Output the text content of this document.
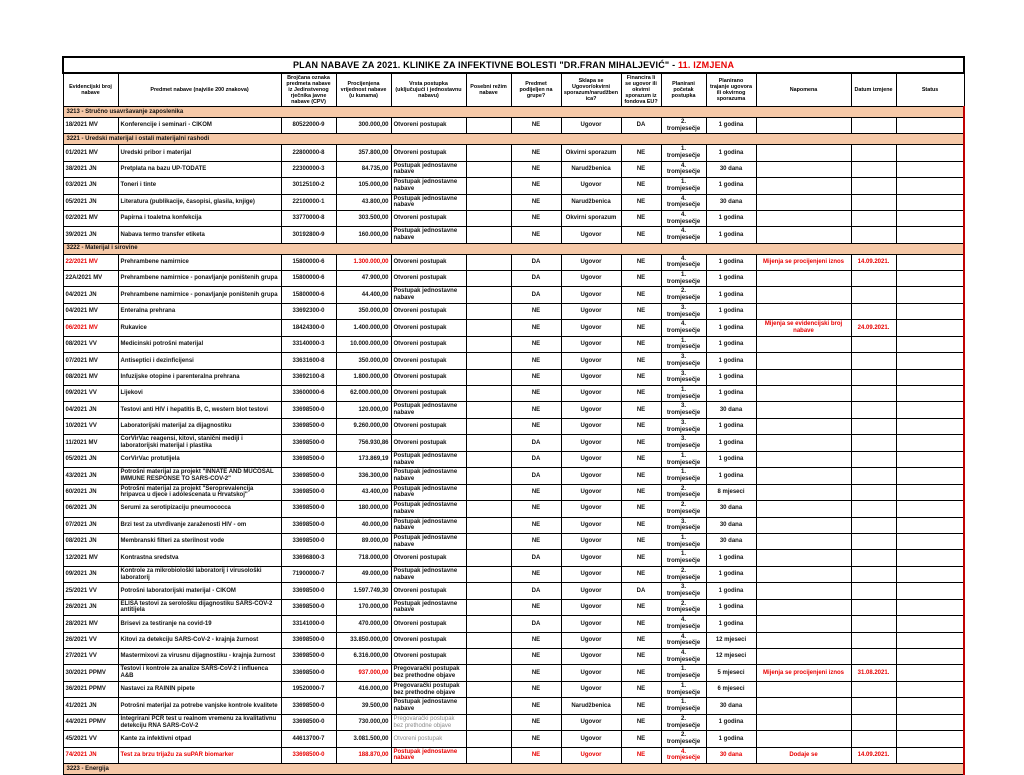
PLAN NABAVE ZA 2021. KLINIKE ZA INFEKTIVNE BOLESTI "DR.FRAN MIHALJEVIĆ" - 11. IZMJENA													
Evidencijski broj nabave	Predmet nabave (najviše 200 znakova)	Brojčana oznaka predmeta nabave iz Jedinstvenog rječnika javne nabave (CPV)	Procijenjena vrijednost nabave (u kunama)	Vrsta postupka (uključujući i jednostavnu nabavu)	Posebni režim nabave	Predmet podijeljen na grupe?	Sklapa se Ugovor/okvirni sporazum/narudžbenica?	Financira li se ugovor ili okvirni sporazum iz fondova EU?	Planirani početak postupka	Planirano trajanje ugovora ili okvirnog sporazuma	Napomena	Datum izmjene	Status
3213 - Stručno usavršavanje zaposlenika													
18/2021 MV	Konferencije i seminari - CIKOM	80522000-9	300.000,00	Otvoreni postupak		NE	Ugovor	DA	2. tromjesečje	1 godina			
3221 - Uredski materijal i ostali materijalni rashodi													
01/2021 MV	Uredski pribor i materijal	22800000-8	357.800,00	Otvoreni postupak		NE	Okvirni sporazum	NE	1. tromjesečje	1 godina			
38/2021 JN	Pretplata na bazu UP-TODATE	22300000-3	84.735,00	Postupak jednostavne nabave		NE	Narudžbenica	NE	4. tromjesečje	30 dana			
03/2021 JN	Toneri i tinte	30125100-2	105.000,00	Postupak jednostavne nabave		NE	Ugovor	NE	1. tromjesečje	1 godina			
05/2021 JN	Literatura (publikacije, časopisi, glasila, knjige)	22100000-1	43.800,00	Postupak jednostavne nabave		NE	Narudžbenica	NE	4. tromjesečje	30 dana			
02/2021 MV	Papirna i toaletna konfekcija	33770000-8	303.500,00	Otvoreni postupak		NE	Okvirni sporazum	NE	4. tromjesečje	1 godina			
39/2021 JN	Nabava termo transfer etiketa	30192800-9	160.000,00	Postupak jednostavne nabave		NE	Ugovor	NE	4. tromjesečje	1 godina			
3222 - Materijal i sirovine													
22/2021 MV	Prehrambene namirnice	15800000-6	1.300.000,00	Otvoreni postupak		DA	Ugovor	NE	4. tromjesečje	1 godina	Mijenja se procijenjeni iznos	14.09.2021.	
22A/2021 MV	Prehrambene namirnice - ponavljanje poništenih grupa	15800000-6	47.900,00	Otvoreni postupak		DA	Ugovor	NE	1. tromjesečje	1 godina			
04/2021 JN	Prehrambene namirnice - ponavljanje poništenih grupa	15800000-6	44.400,00	Postupak jednostavne nabave		DA	Ugovor	NE	2. tromjesečje	1 godina			
04/2021 MV	Enteralna prehrana	33692300-0	350.000,00	Otvoreni postupak		NE	Ugovor	NE	3. tromjesečje	1 godina			
06/2021 MV	Rukavice	18424300-0	1.400.000,00	Otvoreni postupak		NE	Ugovor	NE	4. tromjesečje	1 godina	Mijenja se evidencijski broj nabave	24.09.2021.	
08/2021 VV	Medicinski potrošni materijal	33140000-3	10.000.000,00	Otvoreni postupak		NE	Ugovor	NE	1. tromjesečje	1 godina			
07/2021 MV	Antiseptici i dezinficijensi	33631600-8	350.000,00	Otvoreni postupak		NE	Ugovor	NE	3. tromjesečje	1 godina			
08/2021 MV	Infuzijske otopine i parenteralna prehrana	33692100-8	1.800.000,00	Otvoreni postupak		NE	Ugovor	NE	3. tromjesečje	1 godina			
09/2021 VV	Lijekovi	33600000-6	62.000.000,00	Otvoreni postupak		NE	Ugovor	NE	1. tromjesečje	1 godina			
04/2021 JN	Testovi anti HIV i hepatitis B, C, western blot testovi	33698500-0	120.000,00	Postupak jednostavne nabave		NE	Ugovor	NE	3. tromjesečje	30 dana			
10/2021 VV	Laboratorijski materijal za dijagnostiku	33698500-0	9.260.000,00	Otvoreni postupak		NE	Ugovor	NE	3. tromjesečje	1 godina			
11/2021 MV	CorVirVac reagensi, kitovi, stanični mediji i laboratorijski materijal i plastika	33698500-0	756.930,86	Otvoreni postupak		DA	Ugovor	NE	3. tromjesečje	1 godina			
05/2021 JN	CorVirVac protutijela	33698500-0	173.869,19	Postupak jednostavne nabave		DA	Ugovor	NE	1. tromjesečje	1 godina			
43/2021 JN	Potrošni materijal za projekt "INNATE AND MUCOSAL IMMUNE RESPONSE TO SARS-COV-2"	33698500-0	336.300,00	Postupak jednostavne nabave		DA	Ugovor	NE	1. tromjesečje	1 godina			
60/2021 JN	Potrošni materijal za projekt "Seroprevalencija hripavca u djece i adolescenata u Hrvatskoj"	33698500-0	43.400,00	Postupak jednostavne nabave		NE	Ugovor	NE	2. tromjesečje	8 mjeseci			
06/2021 JN	Serumi za serotipizaciju pneumococca	33698500-0	180.000,00	Postupak jednostavne nabave		NE	Ugovor	NE	2. tromjesečje	30 dana			
07/2021 JN	Brzi test za utvrđivanje zaraženosti HIV - om	33698500-0	40.000,00	Postupak jednostavne nabave		NE	Ugovor	NE	3. tromjesečje	30 dana			
08/2021 JN	Membranski filteri za sterilnost vode	33698500-0	89.000,00	Postupak jednostavne nabave		NE	Ugovor	NE	1. tromjesečje	30 dana			
12/2021 MV	Kontrastna sredstva	33696800-3	718.000,00	Otvoreni postupak		DA	Ugovor	NE	1. tromjesečje	1 godina			
09/2021 JN	Kontrole za mikrobiološki laboratorij i virusološki laboratorij	71900000-7	49.000,00	Postupak jednostavne nabave		NE	Ugovor	NE	2. tromjesečje	1 godina			
25/2021 VV	Potrošni laboratorijski materijal - CIKOM	33698500-0	1.597.749,30	Otvoreni postupak		DA	Ugovor	DA	3. tromjesečje	1 godina			
26/2021 JN	ELISA testovi za serološku dijagnostiku SARS-COV-2 antitijela	33698500-0	170.000,00	Postupak jednostavne nabave		NE	Ugovor	NE	2. tromjesečje	1 godina			
28/2021 MV	Brisevi za testiranje na covid-19	33141000-0	470.000,00	Otvoreni postupak		DA	Ugovor	NE	4. tromjesečje	1 godina			
26/2021 VV	Kitovi za detekciju SARS-CoV-2 - krajnja žurnost	33698500-0	33.850.000,00	Otvoreni postupak		NE	Ugovor	NE	4. tromjesečje	12 mjeseci			
27/2021 VV	Mastermixovi za virusnu dijagnostiku - krajnja žurnost	33698500-0	6.316.000,00	Otvoreni postupak		NE	Ugovor	NE	4. tromjesečje	12 mjeseci			
30/2021 PPMV	Testovi i kontrole za analize SARS-CoV-2 i influenca A&B	33698500-0	937.000,00	Pregovarački postupak bez prethodne objave		NE	Ugovor	NE	1. tromjesečje	5 mjeseci	Mijenja se procijenjeni iznos	31.08.2021.	
36/2021 PPMV	Nastavci za RAININ pipete	19520000-7	416.000,00	Pregovarački postupak bez prethodne objave		NE	Ugovor	NE	1. tromjesečje	6 mjeseci			
41/2021 JN	Potrošni materijal za potrebe vanjske kontrole kvalitete	33698500-0	39.500,00	Postupak jednostavne nabave		NE	Narudžbenica	NE	1. tromjesečje	30 dana			
44/2021 PPMV	Integrirani PCR test u realnom vremenu za kvalitativnu detekciju RNA SARS-CoV-2	33698500-0	730.000,00	Pregovarački postupak bez prethodne objave		NE	Ugovor	NE	2. tromjesečje	1 godina			
45/2021 VV	Kante za infektivni otpad	44613700-7	3.081.500,00	Otvoreni postupak		NE	Ugovor	NE	2. tromjesečje	1 godina			
74/2021 JN	Test za brzu trijažu za suPAR biomarker	33698500-0	188.870,00	Postupak jednostavne nabave		NE	Ugovor	NE	4. tromjesečje	30 dana	Dodaje se	14.09.2021.	
3223 - Energija													
